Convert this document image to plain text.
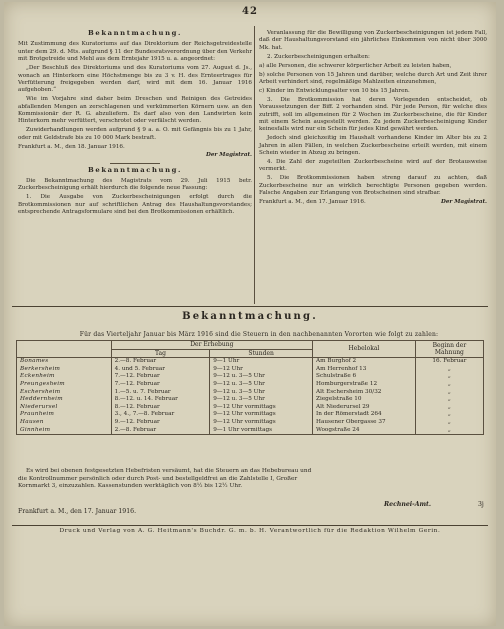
42
Bekanntmachung.

Mit Zustimmung des Kuratoriums auf das Direktorium der Reichsgetreidestelle unter dem 29. d. Mts. aufgrund § 11 der Bundesratsverordnung über den Verkehr mit Brotgetreide und Mehl aus dem Erntejahr 1915 u. a. angeordnet:

„Der Beschluß des Direktoriums und des Kuratoriums vom 27. August d. Js., wonach an Hinterkorn eine Höchstmenge bis zu 3 v. H. des Ernteertrages für Verfütterung freigegeben werden darf, wird mit dem 16. Januar 1916 aufgehoben.“

Wie im Vorjahre sind daher beim Dreschen und Reinigen des Getreides abfallenden Mengen an zerschlagenen und verkümmerten Körnern usw. an den Kommissionär der R. G. abzuliefern. Es darf also von den Landwirten kein Hinterkorn mehr verfüttert, verschrotet oder verfälscht werden.

Zuwiderhandlungen werden aufgrund § 9 a. a. O. mit Gefängnis bis zu 1 Jahr, oder mit Geldstrafe bis zu 10 000 Mark bestraft.

Frankfurt a. M., den 18. Januar 1916.
Der Magistrat.
Bekanntmachung.

Die Bekanntmachung des Magistrats vom 29. Juli 1915 betr. Zuckerbescheinigung erhält hierdurch die folgende neue Fassung:

1. Die Ausgabe von Zuckerbescheinigungen erfolgt durch die Brotkommissionen nur auf schriftlichen Antrag des Haushaltungsvorstandes; entsprechende Antragsformulare sind bei den Brotkommissionen erhältlich.

Veranlassung für die Bewilligung von Zuckerbescheinigungen ist jedem Fall, daß der Haushaltungsvorstand ein jährliches Einkommen von nicht über 3000 Mk. hat.

2. Zuckerbescheinigungen erhalten:

a) alle Personen, die schwerer körperlicher Arbeit zu leisten haben,

b) solche Personen von 15 Jahren und darüber, welche durch Art und Zeit ihrer Arbeit verhindert sind, regelmäßige Mahlzeiten einzunehmen,

c) Kinder im Entwicklungsalter von 10 bis 15 Jahren.

3. Die Brotkommission hat deren Vorlegenden entscheidet, ob Voraussetzungen der Biff. 2 vorhanden sind. Für jede Person, für welche dies zutrifft, soll im allgemeinen für 2 Wochen im Zuckerbescheine, die für Kinder mit einem Schein ausgestellt werden. Zu jedem Zuckerbescheinigung Kinder keinesfalls wird nur ein Schein für jedes Kind gewährt werden.

Jedoch sind gleichzeitig im Haushalt vorhandene Kinder im Alter bis zu 2 Jahren in allen Fällen, in welchen Zuckerbescheine erteilt werden, mit einem Schein wieder in Abzug zu bringen.

4. Die Zahl der zugeteilten Zuckerbescheine wird auf der Brotausweise vermerkt.

5. Die Brotkommissionen haben streng darauf zu achten, daß Zuckerbescheine nur an wirklich berechtigte Personen gegeben werden. Falsche Angaben zur Erlangung von Brotscheinen sind strafbar.

Frankfurt a. M., den 17. Januar 1916.	Der Magistrat.
Bekanntmachung.
Für das Vierteljahr Januar bis März 1916 sind die Steuern in den nachbenannten Vororten wie folgt zu zahlen:
	Der Erhebung		Hebelokal	Beginn der Mahnung
	Tag	Stunden		
Bonames	2.—8. Februar	9—1 Uhr	Am Burghof 2	16. Februar
Berkersheim	4. und 5. Februar	9—12 Uhr	Am Herrenhof 13	„
Eckenheim	7.—12. Februar	9—12 u. 3—5 Uhr	Schulstraße 6	„
Preungesheim	7.—12. Februar	9—12 u. 3—5 Uhr	Homburgerstraße 12	„
Eschersheim	1.—5. u. 7. Februar	9—12 u. 3—5 Uhr	Alt Eschersheim 30/32	„
Heddernheim	8.—12. u. 14. Februar	9—12 u. 3—5 Uhr	Ziegelstraße 10	„
Niederursel	8.—12. Februar	9—12 Uhr vormittags	Alt Niederursel 29	„
Praunheim	3., 4., 7.—8. Februar	9—12 Uhr vormittags	In der Römerstadt 264	„
Hausen	9.—12. Februar	9—12 Uhr vormittags	Hausener Obergasse 37	„
Ginnheim	2.—8. Februar	9—1 Uhr vormittags	Woogstraße 24	„
Es wird bei obenen festgesetzten Hebefristen versäumt, hat die Steuern an das Hebebureau und die Kontrollnummer persönlich oder durch Post- und bestellgeldfrei an die Zahlstelle I, Großer Kornmarkt 3, einzuzahlen. Kassenstunden werktäglich von 8½ bis 12½ Uhr.
Frankfurt a. M., den 17. Januar 1916.
Rechnei-Amt.	3j
Druck und Verlag von A. G. Heitmann's Buchdr. G. m. b. H. Verantwortlich für die Redaktion Wilhelm Gerin.
